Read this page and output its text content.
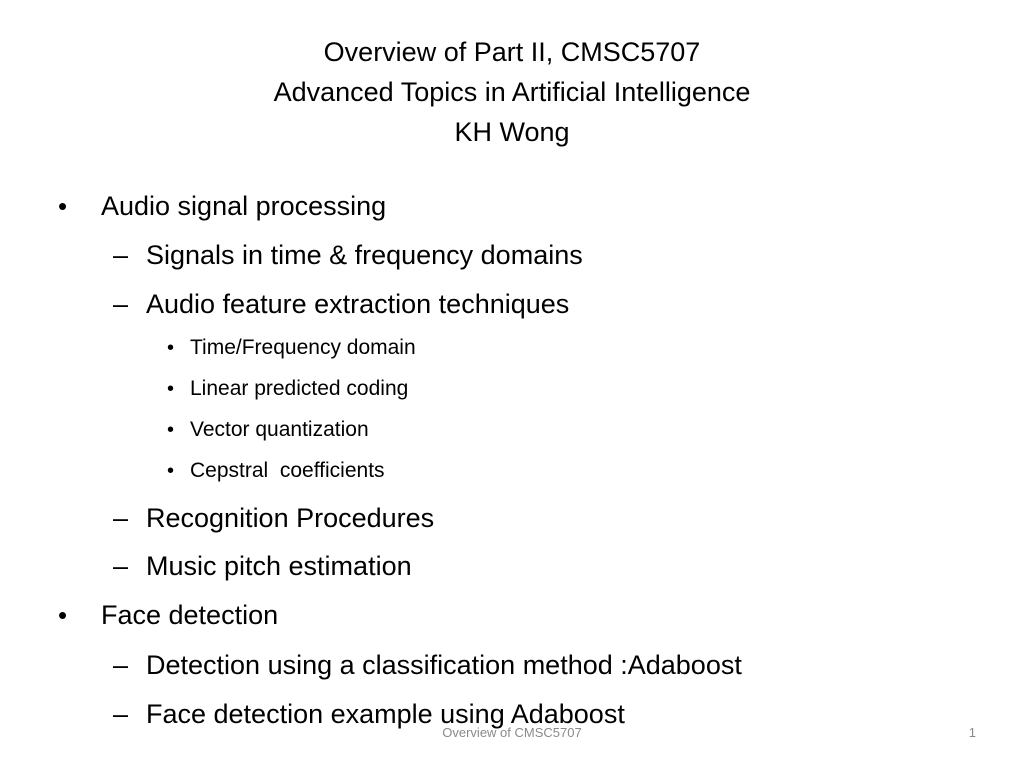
Overview of Part II, CMSC5707
Advanced Topics in Artificial Intelligence
KH Wong
• Audio signal processing
– Signals in time & frequency domains
– Audio feature extraction techniques
• Time/Frequency domain
• Linear predicted coding
• Vector quantization
• Cepstral  coefficients
– Recognition Procedures
– Music pitch estimation
• Face detection
– Detection using a classification method :Adaboost
– Face detection example using Adaboost
Overview of CMSC5707	1
